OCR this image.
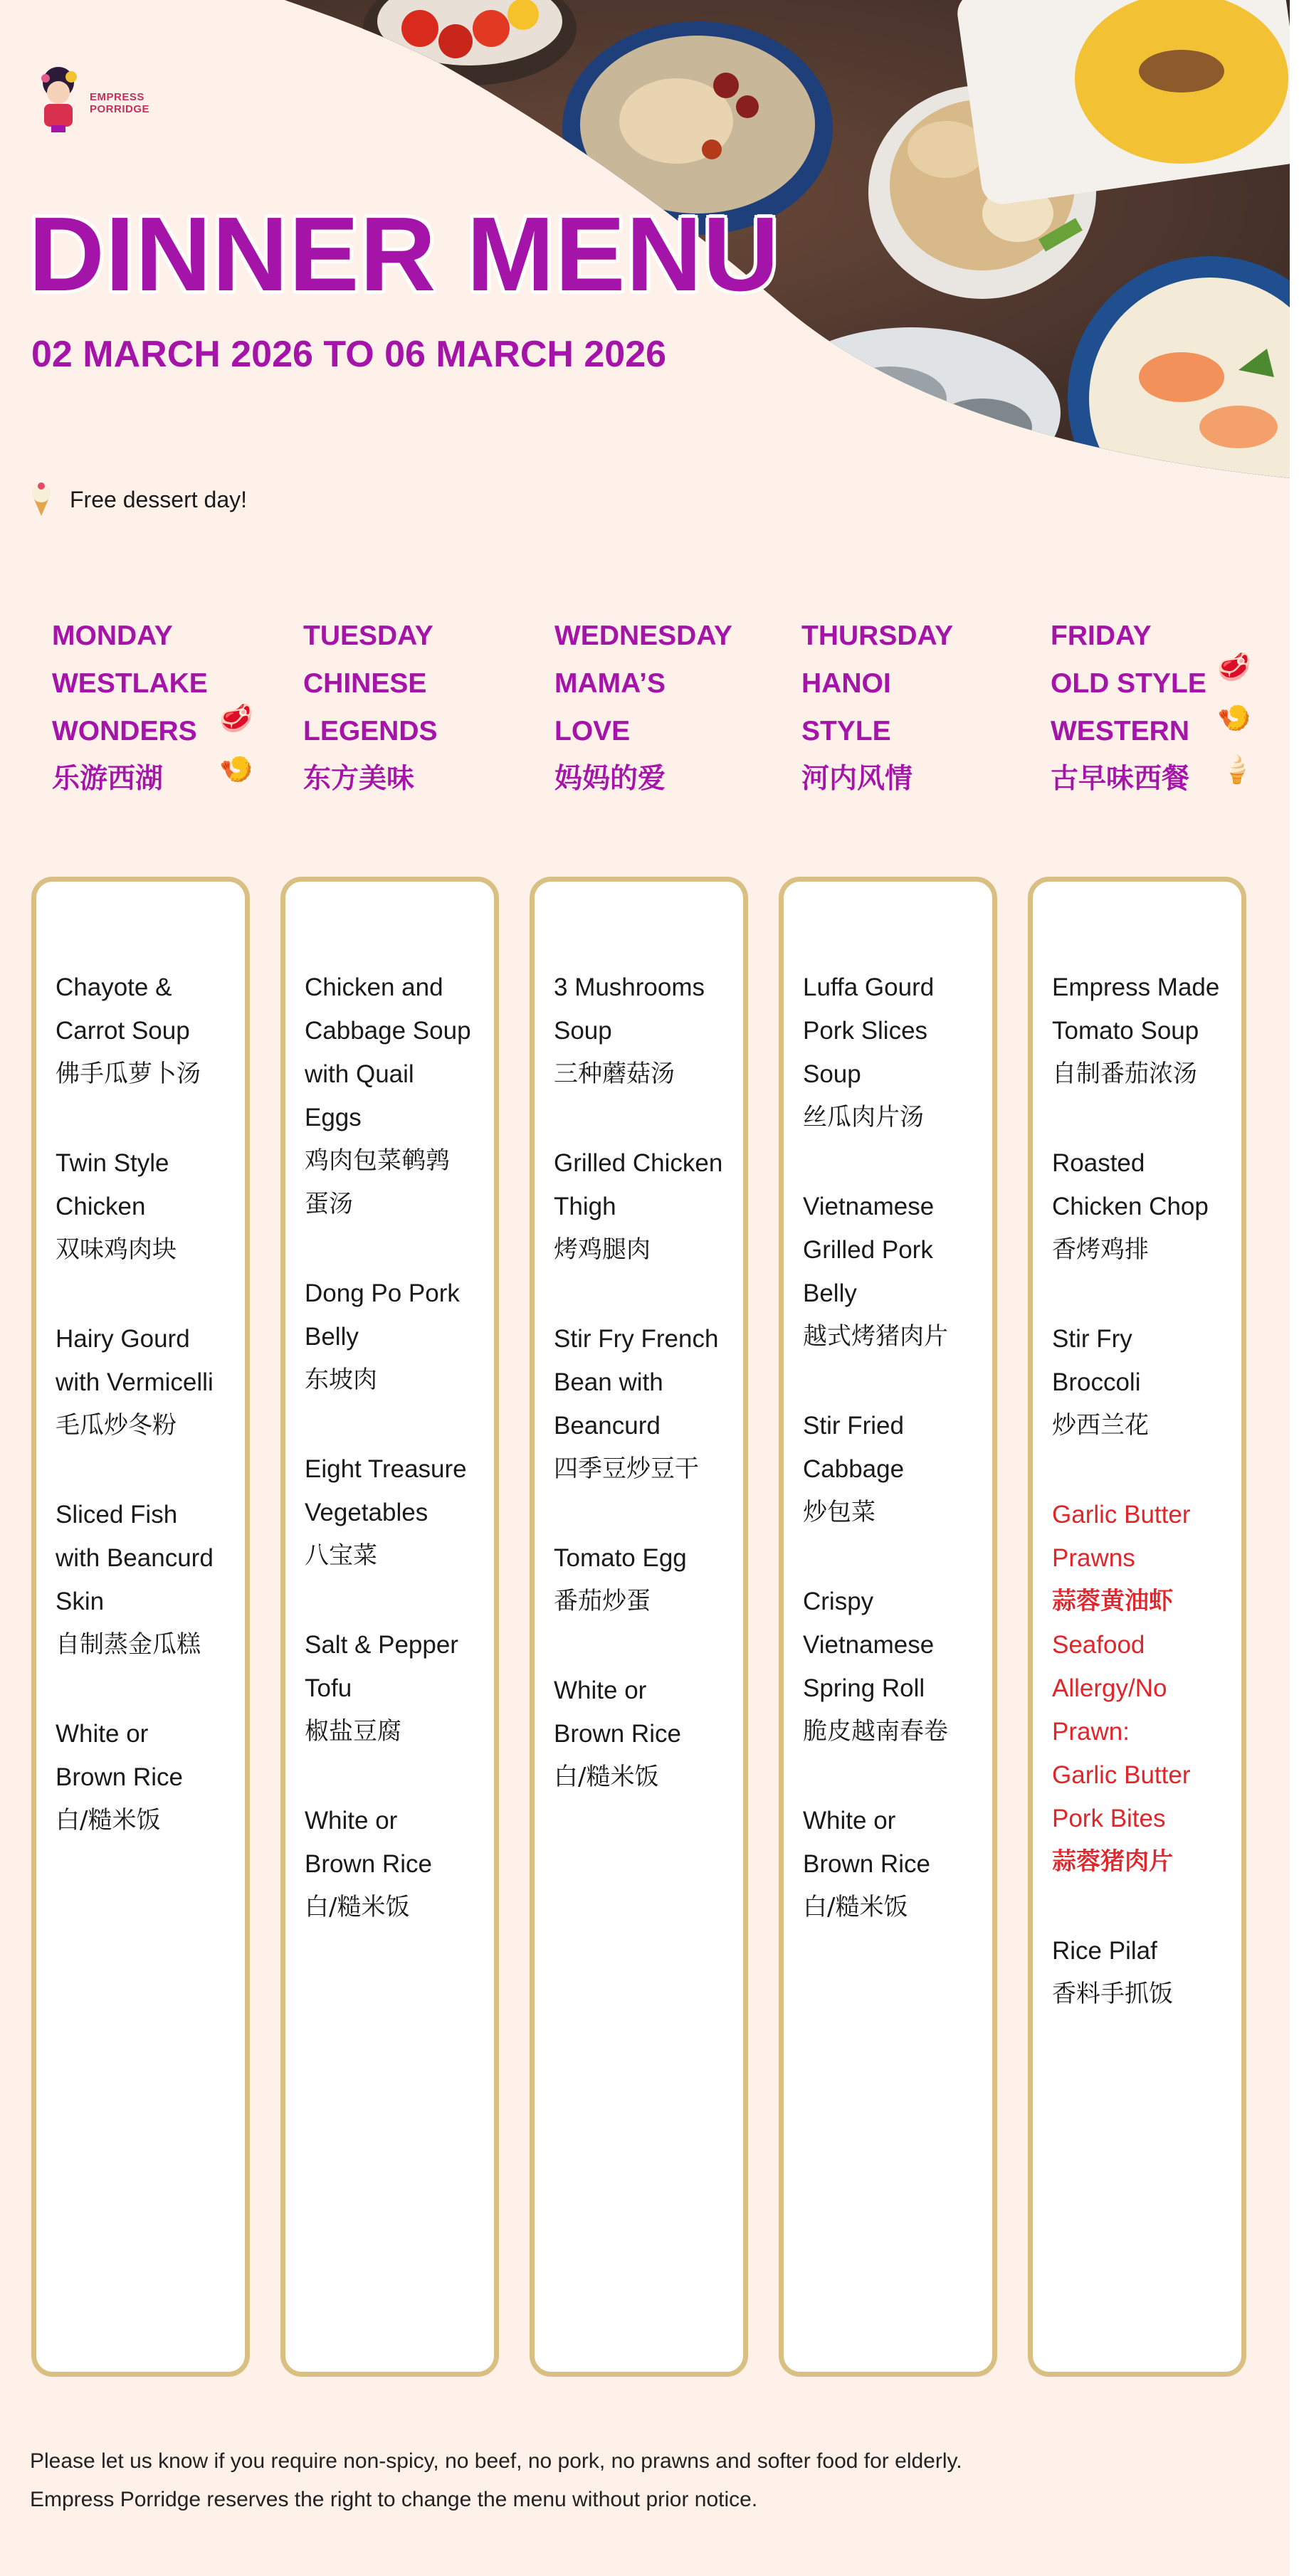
EMPRESS
PORRIDGE
DINNER MENU
02 MARCH 2026 TO 06 MARCH 2026
Free dessert day!
MONDAY
WESTLAKE
WONDERS
乐游西湖
🥩
🍤
TUESDAY
CHINESE
LEGENDS
东方美味
WEDNESDAY
MAMA’S
LOVE
妈妈的爱
THURSDAY
HANOI
STYLE
河内风情
FRIDAY
OLD STYLE
WESTERN
古早味西餐
🥩
🍤
🍦
Chayote &
Carrot Soup
佛手瓜萝卜汤
Twin Style
Chicken
双味鸡肉块
Hairy Gourd
with Vermicelli
毛瓜炒冬粉
Sliced Fish
with Beancurd
Skin
自制蒸金瓜糕
White or
Brown Rice
白/糙米饭
Chicken and
Cabbage Soup
with Quail
Eggs
鸡肉包菜鹌鹑
蛋汤
Dong Po Pork
Belly
东坡肉
Eight Treasure
Vegetables
八宝菜
Salt & Pepper
Tofu
椒盐豆腐
White or
Brown Rice
白/糙米饭
3 Mushrooms
Soup
三种蘑菇汤
Grilled Chicken
Thigh
烤鸡腿肉
Stir Fry French
Bean with
Beancurd
四季豆炒豆干
Tomato Egg
番茄炒蛋
White or
Brown Rice
白/糙米饭
Luffa Gourd
Pork Slices
Soup
丝瓜肉片汤
Vietnamese
Grilled Pork
Belly
越式烤猪肉片
Stir Fried
Cabbage
炒包菜
Crispy
Vietnamese
Spring Roll
脆皮越南春卷
White or
Brown Rice
白/糙米饭
Empress Made
Tomato Soup
自制番茄浓汤
Roasted
Chicken Chop
香烤鸡排
Stir Fry
Broccoli
炒西兰花
Garlic Butter
Prawns
蒜蓉黄油虾
Seafood
Allergy/No
Prawn:
Garlic Butter
Pork Bites
蒜蓉猪肉片
Rice Pilaf
香料手抓饭
Please let us know if you require non-spicy, no beef, no pork, no prawns and softer food for elderly.
Empress Porridge reserves the right to change the menu without prior notice.
